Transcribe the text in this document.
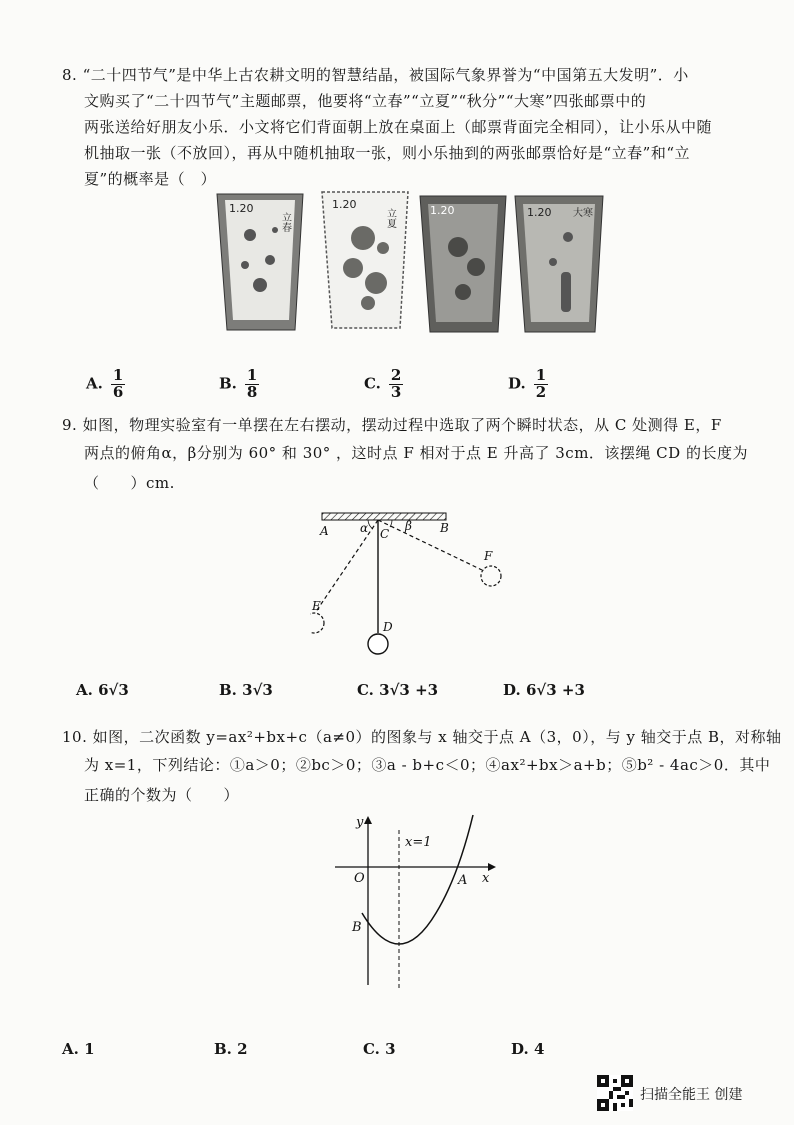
8. “二十四节气”是中华上古农耕文明的智慧结晶，被国际气象界誉为“中国第五大发明”．小
文购买了“二十四节气”主题邮票，他要将“立春”“立夏”“秋分”“大寒”四张邮票中的
两张送给好朋友小乐．小文将它们背面朝上放在桌面上（邮票背面完全相同），让小乐从中随
机抽取一张（不放回），再从中随机抽取一张，则小乐抽到的两张邮票恰好是“立春”和“立
夏”的概率是（　）
1.20
立春
1.20
立夏	1.20	1.20 大寒
A. $\frac{1}{6}$	B. $\frac{1}{8}$	C. $\frac{2}{3}$	D. $\frac{1}{2}$
9. 如图，物理实验室有一单摆在左右摆动，摆动过程中选取了两个瞬时状态，从 C 处测得 E，F
两点的俯角α，β分别为 60° 和 30° ，这时点 F 相对于点 E 升高了 3cm．该摆绳 CD 的长度为
（　　）cm.
A	B
C
D
E
F
α	β
A. 6√3	B. 3√3	C. 3√3 +3	D. 6√3 +3
10. 如图，二次函数 y=ax²+bx+c（a≠0）的图象与 x 轴交于点 A（3，0），与 y 轴交于点 B，对称轴
为 x=1，下列结论：①a＞0；②bc＞0；③a - b+c＜0；④ax²+bx＞a+b；⑤b² - 4ac＞0．其中
正确的个数为（　　）
y
x
O	A
B
x=1
A. 1	B. 2	C. 3	D. 4
扫描全能王 创建
